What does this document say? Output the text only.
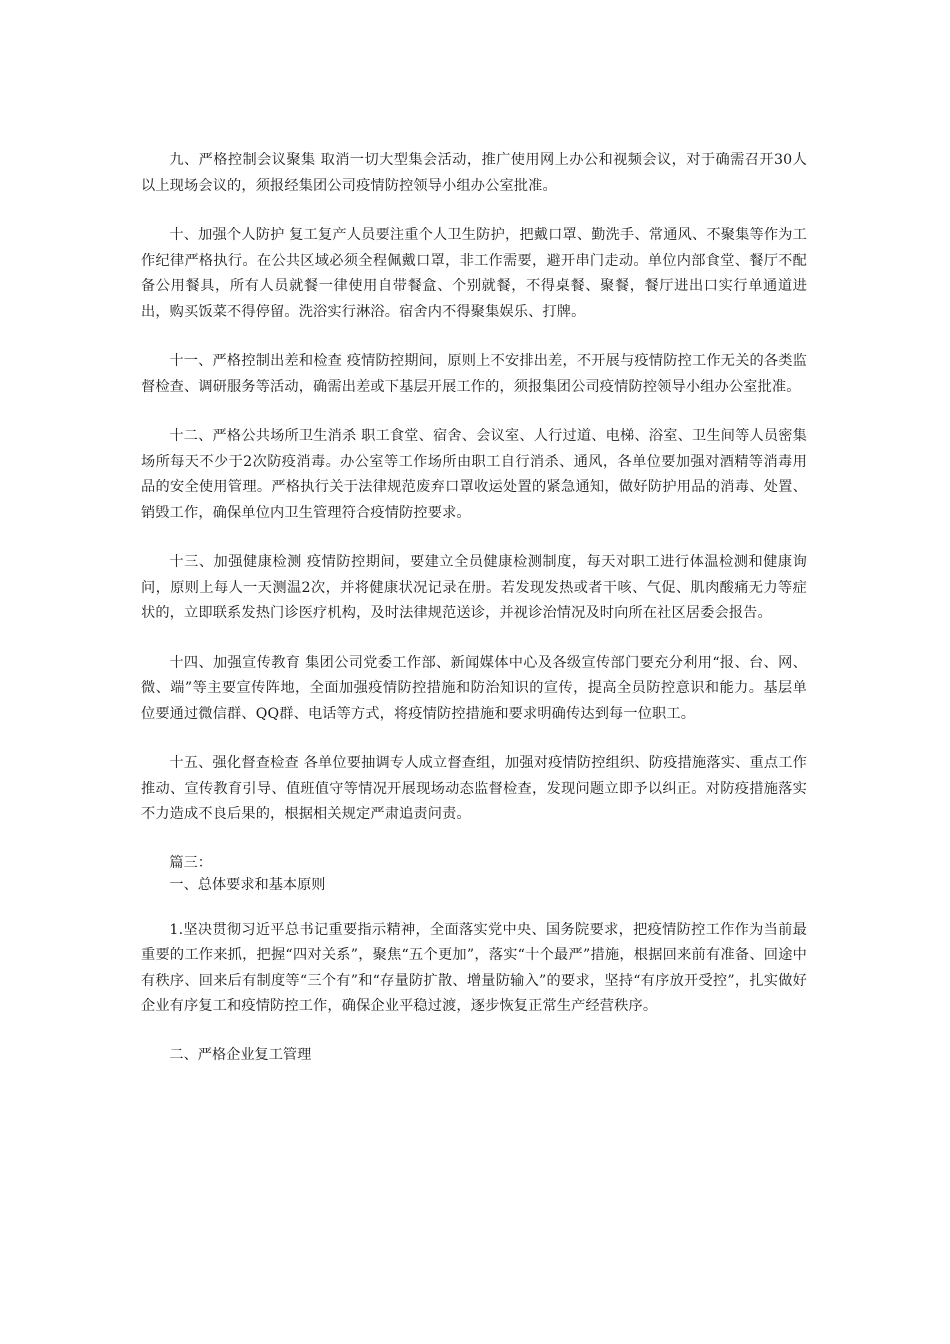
九、严格控制会议聚集 取消一切大型集会活动，推广使用网上办公和视频会议，对于确需召开30人以上现场会议的，须报经集团公司疫情防控领导小组办公室批准。

十、加强个人防护 复工复产人员要注重个人卫生防护，把戴口罩、勤洗手、常通风、不聚集等作为工作纪律严格执行。在公共区域必须全程佩戴口罩，非工作需要，避开串门走动。单位内部食堂、餐厅不配备公用餐具，所有人员就餐一律使用自带餐盒、个别就餐，不得桌餐、聚餐，餐厅进出口实行单通道进出，购买饭菜不得停留。洗浴实行淋浴。宿舍内不得聚集娱乐、打牌。

十一、严格控制出差和检查 疫情防控期间，原则上不安排出差，不开展与疫情防控工作无关的各类监督检查、调研服务等活动，确需出差或下基层开展工作的，须报集团公司疫情防控领导小组办公室批准。

十二、严格公共场所卫生消杀 职工食堂、宿舍、会议室、人行过道、电梯、浴室、卫生间等人员密集场所每天不少于2次防疫消毒。办公室等工作场所由职工自行消杀、通风，各单位要加强对酒精等消毒用品的安全使用管理。严格执行关于法律规范废弃口罩收运处置的紧急通知，做好防护用品的消毒、处置、销毁工作，确保单位内卫生管理符合疫情防控要求。

十三、加强健康检测 疫情防控期间，要建立全员健康检测制度，每天对职工进行体温检测和健康询问，原则上每人一天测温2次，并将健康状况记录在册。若发现发热或者干咳、气促、肌肉酸痛无力等症状的，立即联系发热门诊医疗机构，及时法律规范送诊，并视诊治情况及时向所在社区居委会报告。

十四、加强宣传教育 集团公司党委工作部、新闻媒体中心及各级宣传部门要充分利用“报、台、网、微、端”等主要宣传阵地，全面加强疫情防控措施和防治知识的宣传，提高全员防控意识和能力。基层单位要通过微信群、QQ群、电话等方式，将疫情防控措施和要求明确传达到每一位职工。

十五、强化督查检查 各单位要抽调专人成立督查组，加强对疫情防控组织、防疫措施落实、重点工作推动、宣传教育引导、值班值守等情况开展现场动态监督检查，发现问题立即予以纠正。对防疫措施落实不力造成不良后果的，根据相关规定严肃追责问责。

篇三：

一、总体要求和基本原则

1.坚决贯彻习近平总书记重要指示精神，全面落实党中央、国务院要求，把疫情防控工作作为当前最重要的工作来抓，把握“四对关系”，聚焦“五个更加”，落实“十个最严”措施，根据回来前有准备、回途中有秩序、回来后有制度等“三个有”和“存量防扩散、增量防输入”的要求，坚持“有序放开受控”，扎实做好企业有序复工和疫情防控工作，确保企业平稳过渡，逐步恢复正常生产经营秩序。

二、严格企业复工管理
